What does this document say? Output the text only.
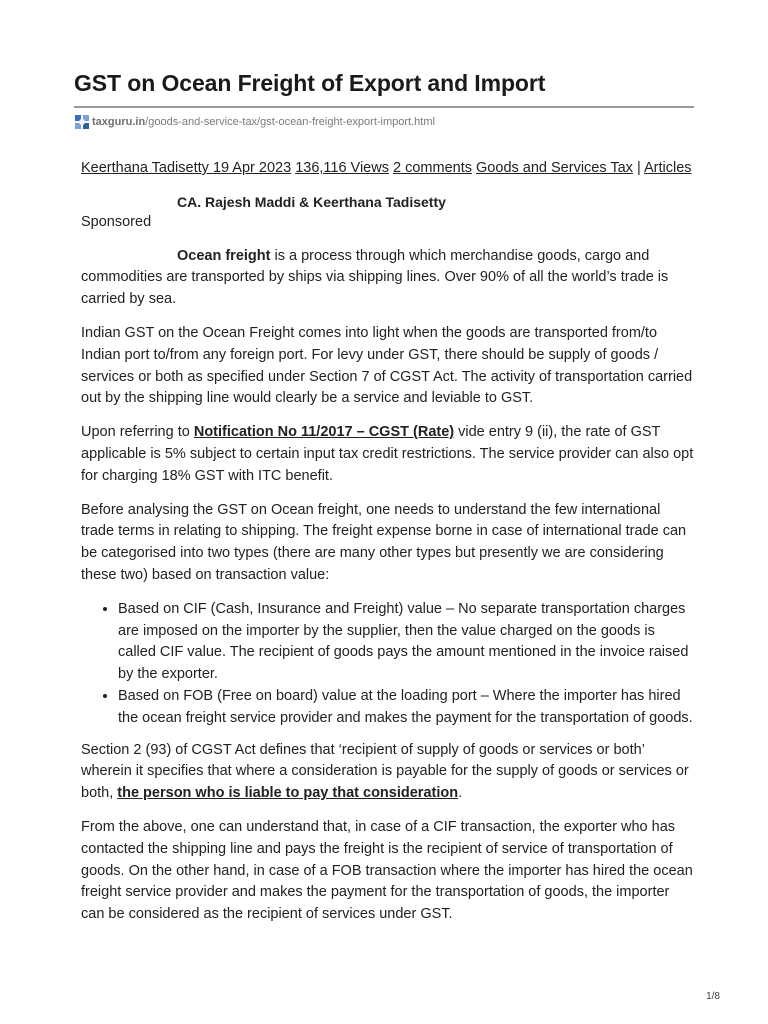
GST on Ocean Freight of Export and Import
taxguru.in /goods-and-service-tax/gst-ocean-freight-export-import.html

Keerthana Tadisetty 19 Apr 2023 136,116 Views 2 comments Goods and Services Tax | Articles

CA. Rajesh Maddi & Keerthana Tadisetty

Sponsored

Ocean freight is a process through which merchandise goods, cargo and commodities are transported by ships via shipping lines. Over 90% of all the world’s trade is carried by sea.

Indian GST on the Ocean Freight comes into light when the goods are transported from/to Indian port to/from any foreign port. For levy under GST, there should be supply of goods / services or both as specified under Section 7 of CGST Act. The activity of transportation carried out by the shipping line would clearly be a service and leviable to GST.

Upon referring to Notification No 11/2017 – CGST (Rate) vide entry 9 (ii), the rate of GST applicable is 5% subject to certain input tax credit restrictions. The service provider can also opt for charging 18% GST with ITC benefit.

Before analysing the GST on Ocean freight, one needs to understand the few international trade terms in relating to shipping. The freight expense borne in case of international trade can be categorised into two types (there are many other types but presently we are considering these two) based on transaction value:

• Based on CIF (Cash, Insurance and Freight) value – No separate transportation charges are imposed on the importer by the supplier, then the value charged on the goods is called CIF value. The recipient of goods pays the amount mentioned in the invoice raised by the exporter.
• Based on FOB (Free on board) value at the loading port – Where the importer has hired the ocean freight service provider and makes the payment for the transportation of goods.

Section 2 (93) of CGST Act defines that ‘recipient of supply of goods or services or both’ wherein it specifies that where a consideration is payable for the supply of goods or services or both, the person who is liable to pay that consideration.

From the above, one can understand that, in case of a CIF transaction, the exporter who has contacted the shipping line and pays the freight is the recipient of service of transportation of goods. On the other hand, in case of a FOB transaction where the importer has hired the ocean freight service provider and makes the payment for the transportation of goods, the importer can be considered as the recipient of services under GST.

1/8
